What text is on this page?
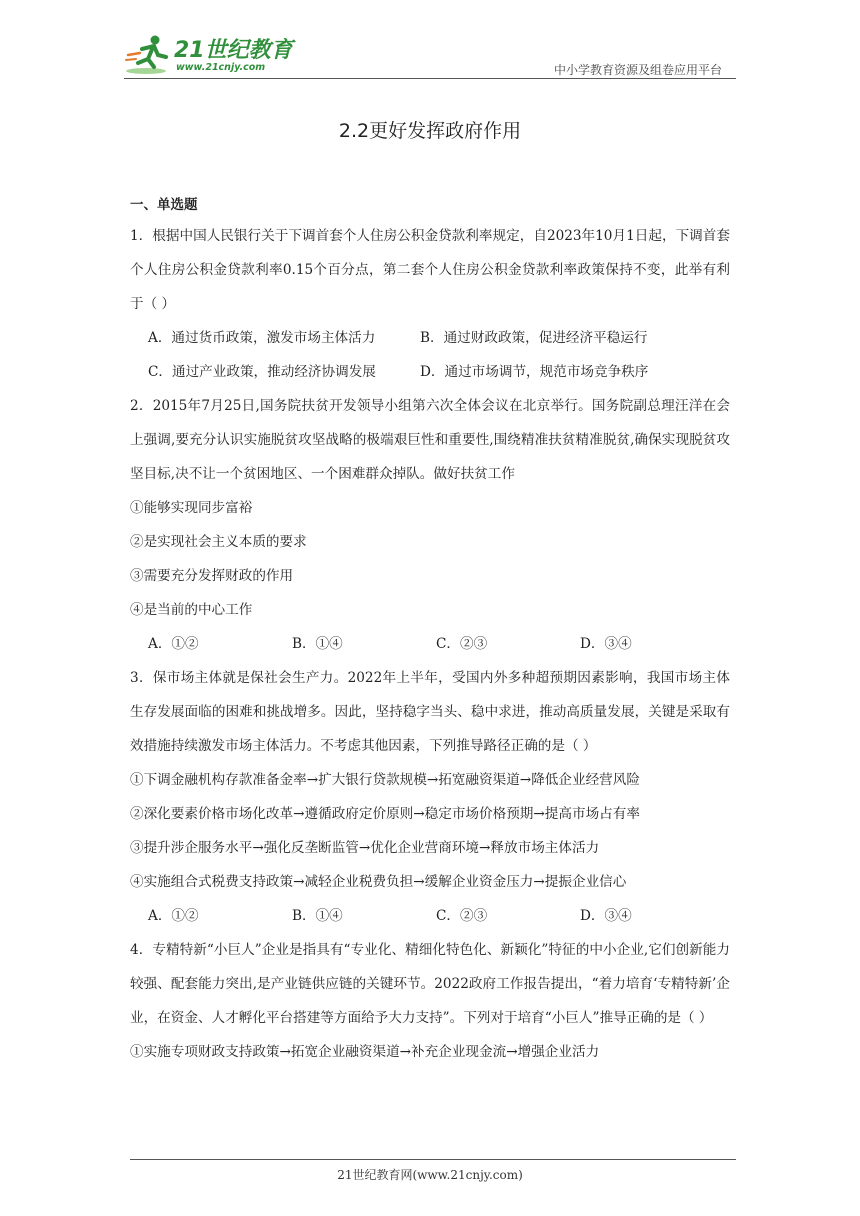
21世纪教育
www.21cnjy.com	中小学教育资源及组卷应用平台
2.2更好发挥政府作用
一、单选题
1．根据中国人民银行关于下调首套个人住房公积金贷款利率规定，自2023年10月1日起，下调首套个人住房公积金贷款利率0.15个百分点，第二套个人住房公积金贷款利率政策保持不变，此举有利于（ ）
A．通过货币政策，激发市场主体活力	B．通过财政政策，促进经济平稳运行
C．通过产业政策，推动经济协调发展	D．通过市场调节，规范市场竞争秩序
2．2015年7月25日,国务院扶贫开发领导小组第六次全体会议在北京举行。国务院副总理汪洋在会上强调,要充分认识实施脱贫攻坚战略的极端艰巨性和重要性,围绕精准扶贫精准脱贫,确保实现脱贫攻坚目标,决不让一个贫困地区、一个困难群众掉队。做好扶贫工作
①能够实现同步富裕
②是实现社会主义本质的要求
③需要充分发挥财政的作用
④是当前的中心工作
A．①②	B．①④	C．②③	D．③④
3．保市场主体就是保社会生产力。2022年上半年，受国内外多种超预期因素影响，我国市场主体生存发展面临的困难和挑战增多。因此，坚持稳字当头、稳中求进，推动高质量发展，关键是采取有效措施持续激发市场主体活力。不考虑其他因素，下列推导路径正确的是（ ）
①下调金融机构存款准备金率→扩大银行贷款规模→拓宽融资渠道→降低企业经营风险
②深化要素价格市场化改革→遵循政府定价原则→稳定市场价格预期→提高市场占有率
③提升涉企服务水平→强化反垄断监管→优化企业营商环境→释放市场主体活力
④实施组合式税费支持政策→减轻企业税费负担→缓解企业资金压力→提振企业信心
A．①②	B．①④	C．②③	D．③④
4．专精特新“小巨人”企业是指具有“专业化、精细化特色化、新颖化”特征的中小企业,它们创新能力较强、配套能力突出,是产业链供应链的关键环节。2022政府工作报告提出，“着力培育‘专精特新’企业，在资金、人才孵化平台搭建等方面给予大力支持”。下列对于培育“小巨人”推导正确的是（ ）
①实施专项财政支持政策→拓宽企业融资渠道→补充企业现金流→增强企业活力
21世纪教育网(www.21cnjy.com)
